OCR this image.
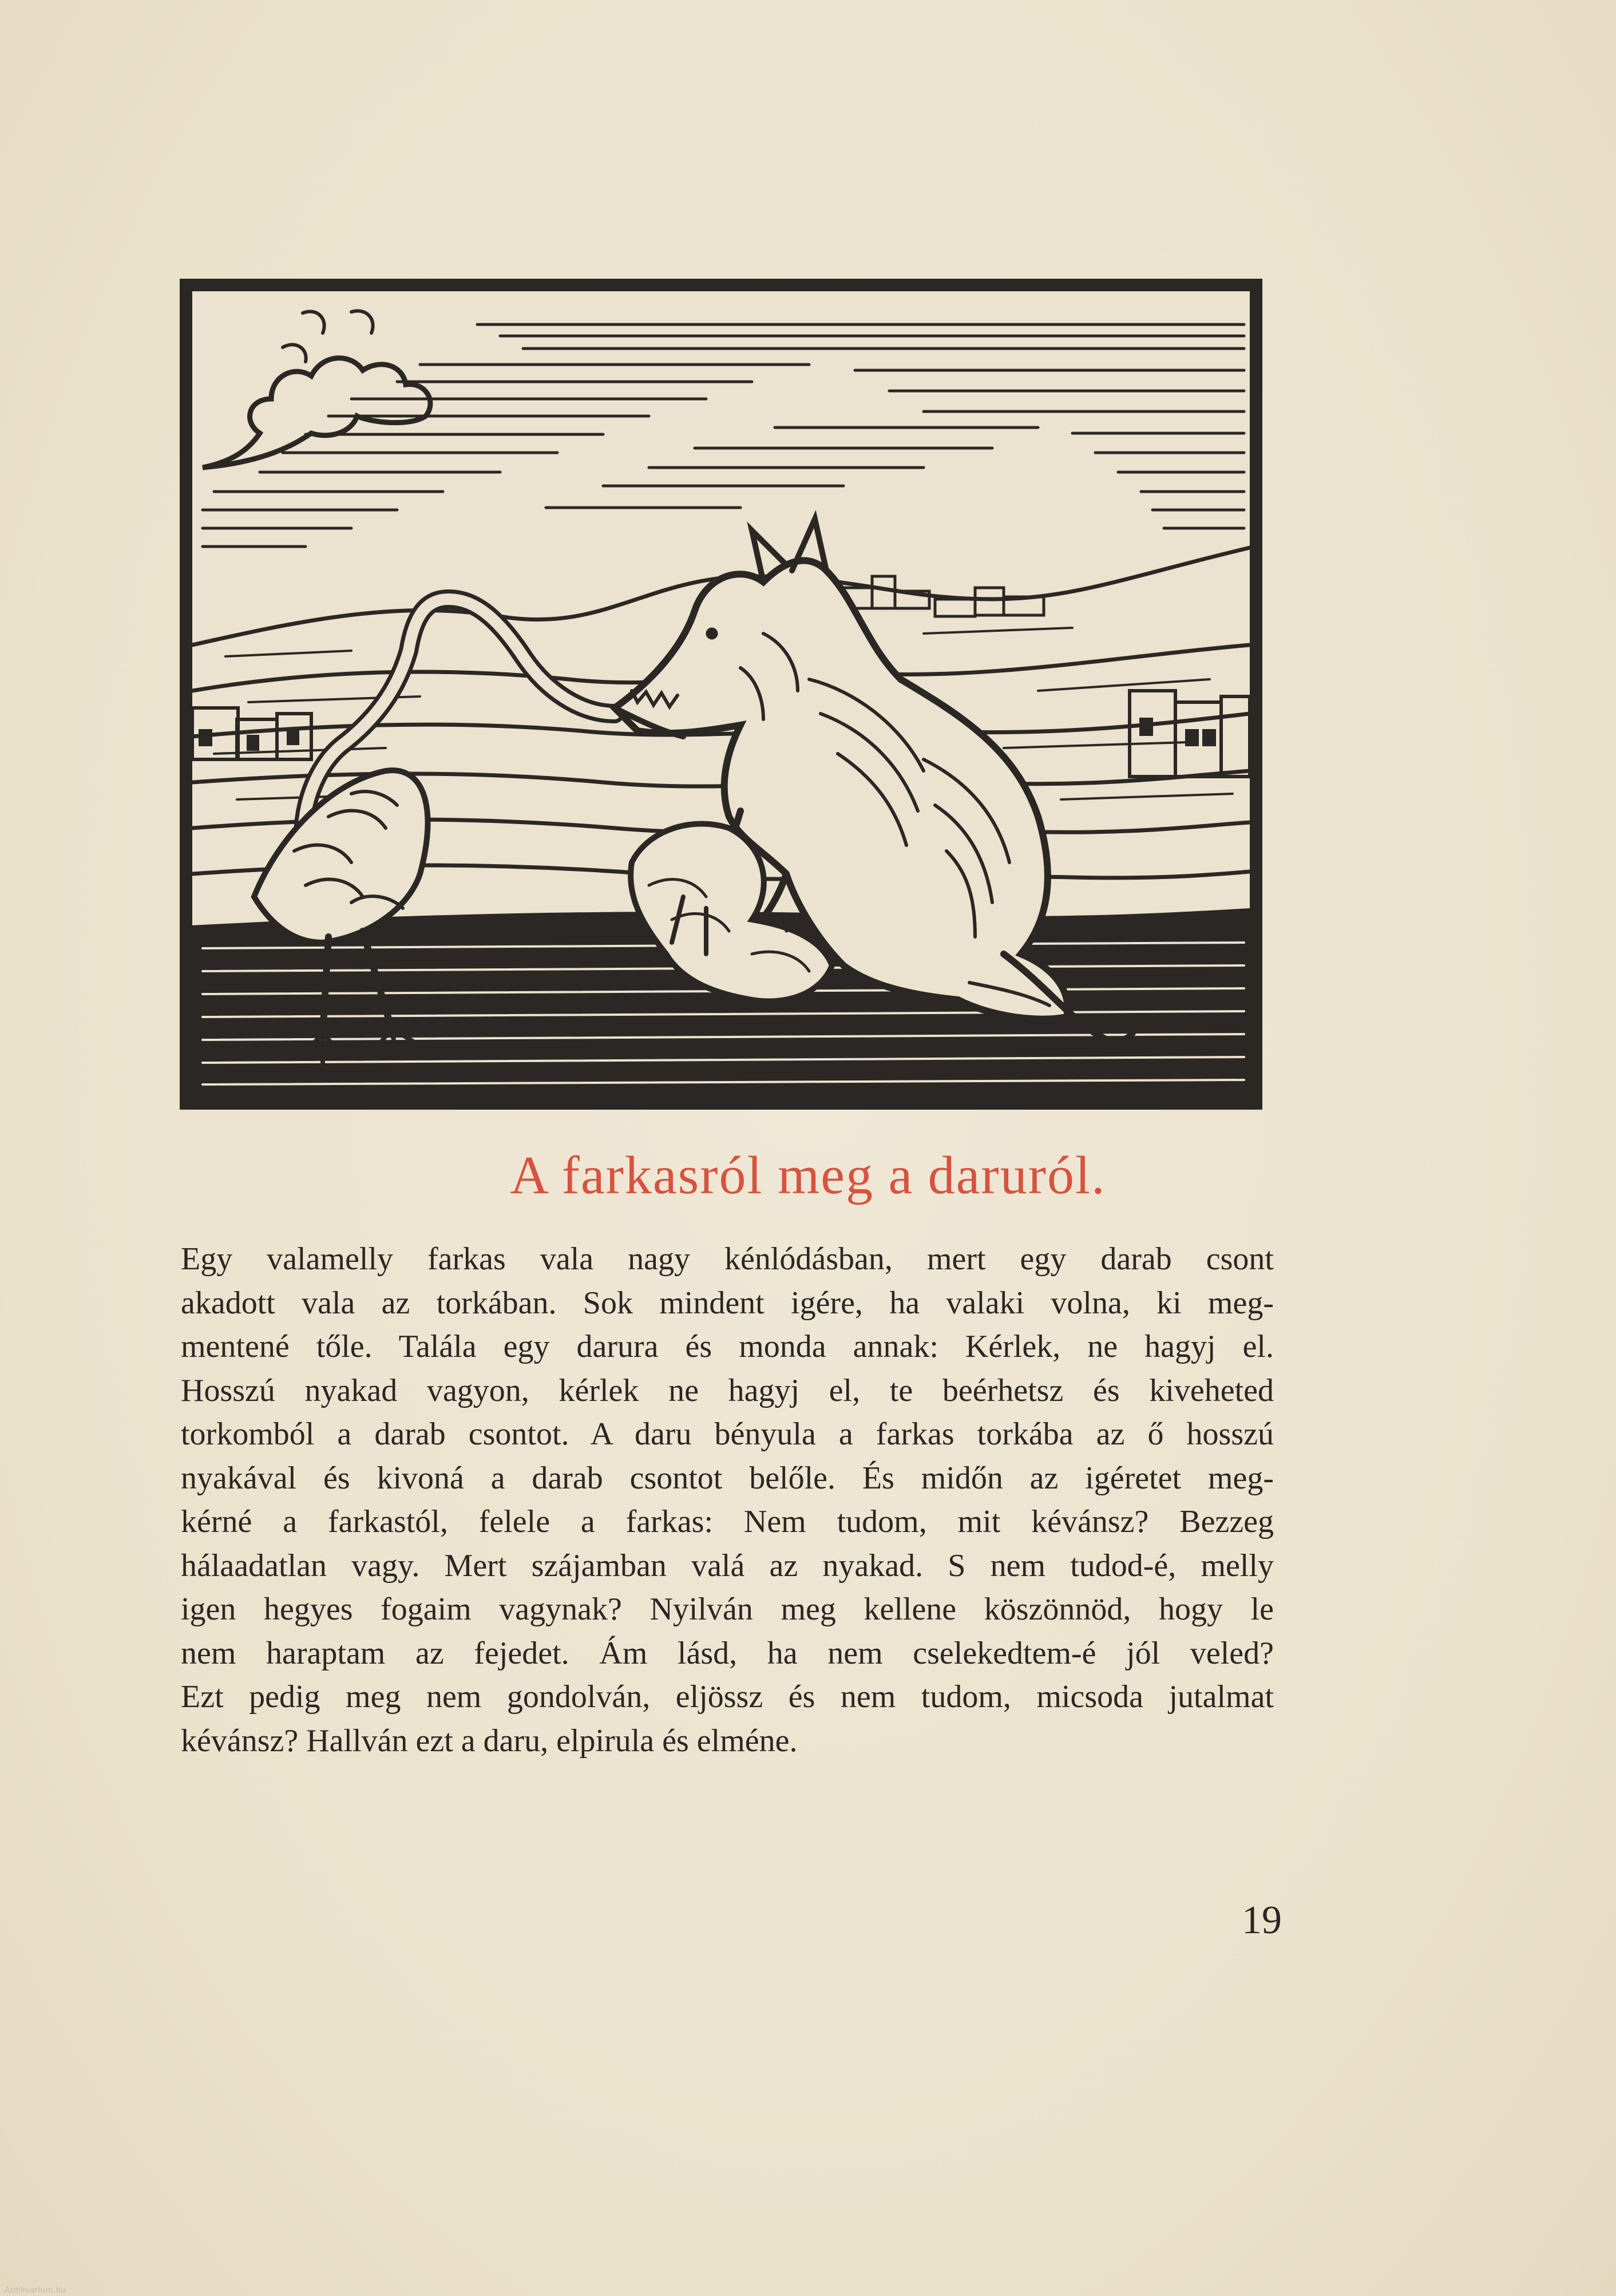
A farkasról meg a daruról.
Egy valamelly farkas vala nagy kénlódásban, mert egy darab csont
akadott vala az torkában. Sok mindent igére, ha valaki volna, ki meg-
mentené tőle. Talála egy darura és monda annak: Kérlek, ne hagyj el.
Hosszú nyakad vagyon, kérlek ne hagyj el, te beérhetsz és kiveheted
torkomból a darab csontot. A daru bényula a farkas torkába az ő hosszú
nyakával és kivoná a darab csontot belőle. És midőn az igéretet meg-
kérné a farkastól, felele a farkas: Nem tudom, mit kévánsz? Bezzeg
hálaadatlan vagy. Mert szájamban valá az nyakad. S nem tudod-é, melly
igen hegyes fogaim vagynak? Nyilván meg kellene köszönnöd, hogy le
nem haraptam az fejedet. Ám lásd, ha nem cselekedtem-é jól veled?
Ezt pedig meg nem gondolván, eljössz és nem tudom, micsoda jutalmat
kévánsz? Hallván ezt a daru, elpirula és elméne.
19
Antikvarium.hu
